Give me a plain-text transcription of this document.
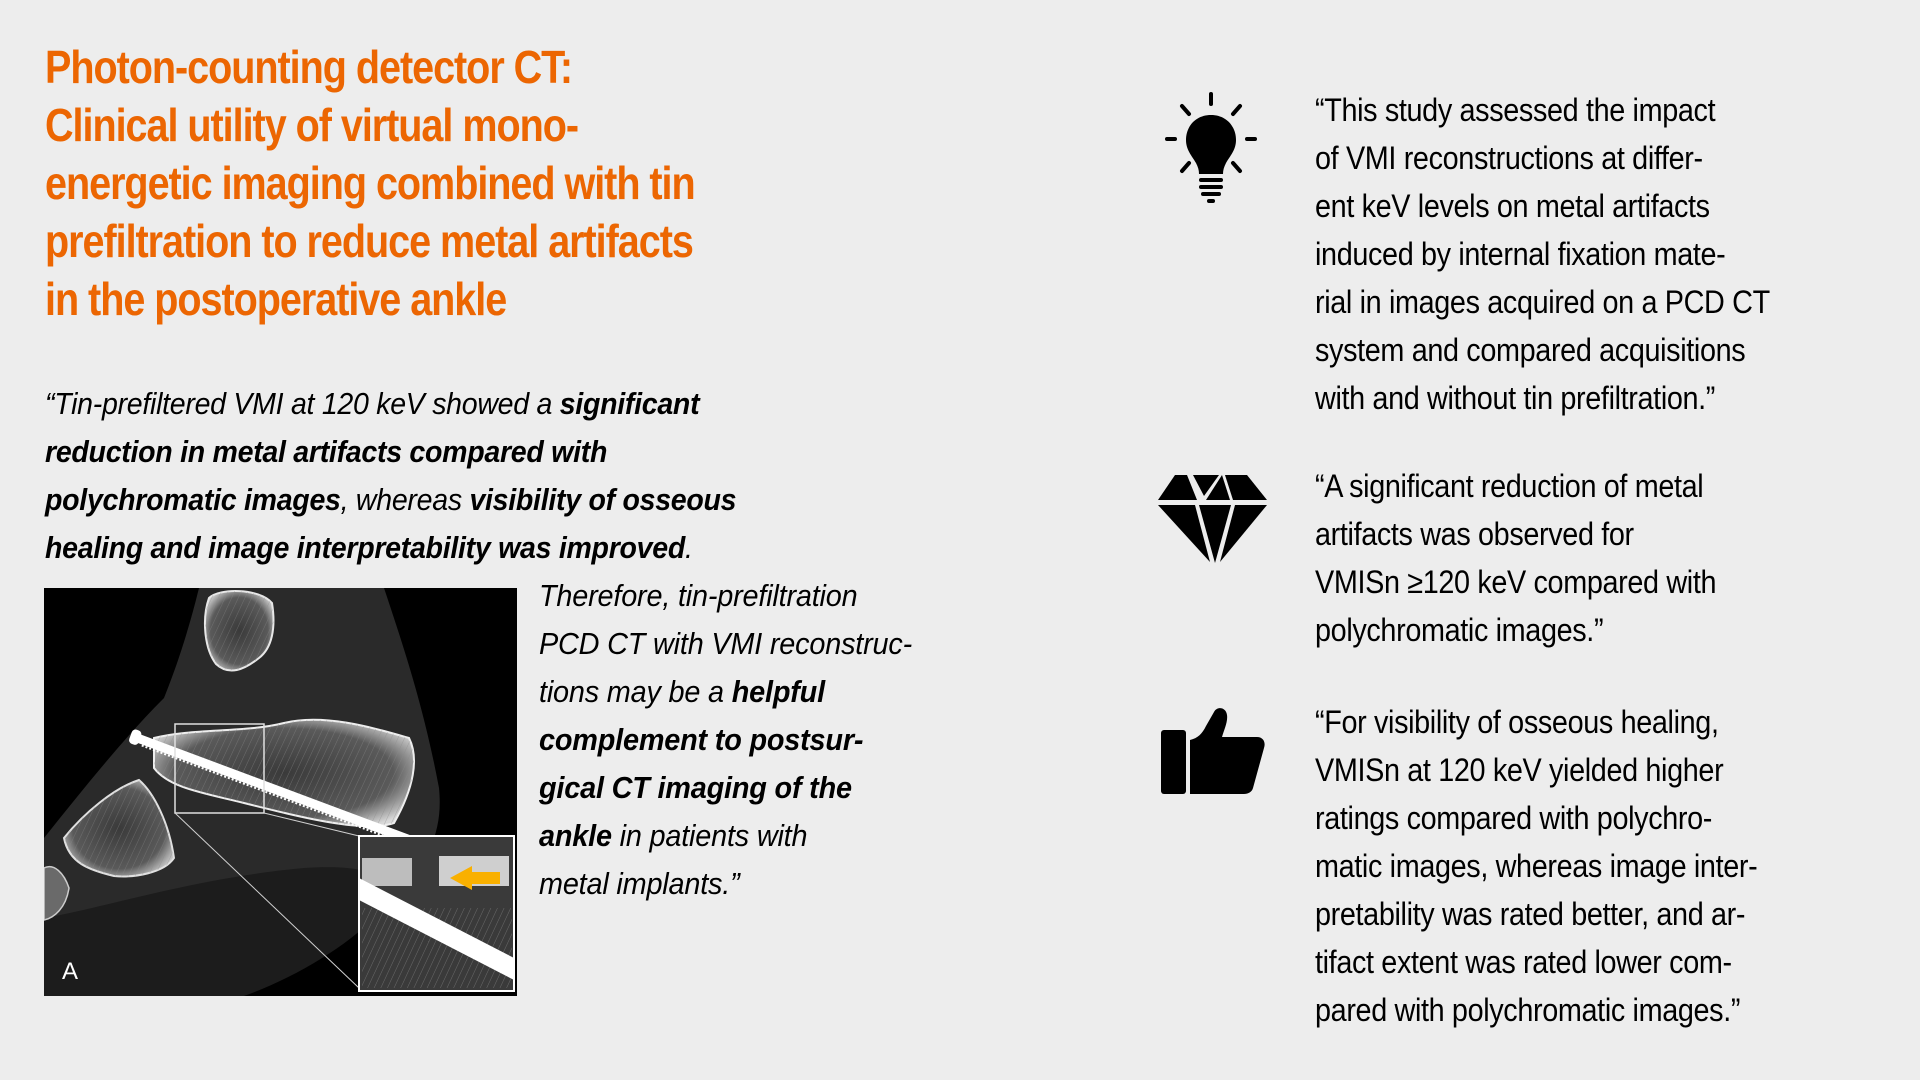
Photon-counting detector CT:
Clinical utility of virtual mono-
energetic imaging combined with tin
prefiltration to reduce metal artifacts
in the postoperative ankle
“Tin-prefiltered VMI at 120 keV showed a significant
reduction in metal artifacts compared with
polychromatic images, whereas visibility of osseous
healing and image interpretability was improved.
A
Therefore, tin-prefiltration
PCD CT with VMI reconstruc-
tions may be a helpful
complement to postsur-
gical CT imaging of the
ankle in patients with
metal implants.”
“This study assessed the impact
of VMI reconstructions at differ-
ent keV levels on metal artifacts
induced by internal fixation mate-
rial in images acquired on a PCD CT
system and compared acquisitions
with and without tin prefiltration.”
“A significant reduction of metal
artifacts was observed for
VMISn ≥120 keV compared with
polychromatic images.”
“For visibility of osseous healing,
VMISn at 120 keV yielded higher
ratings compared with polychro-
matic images, whereas image inter-
pretability was rated better, and ar-
tifact extent was rated lower com-
pared with polychromatic images.”
